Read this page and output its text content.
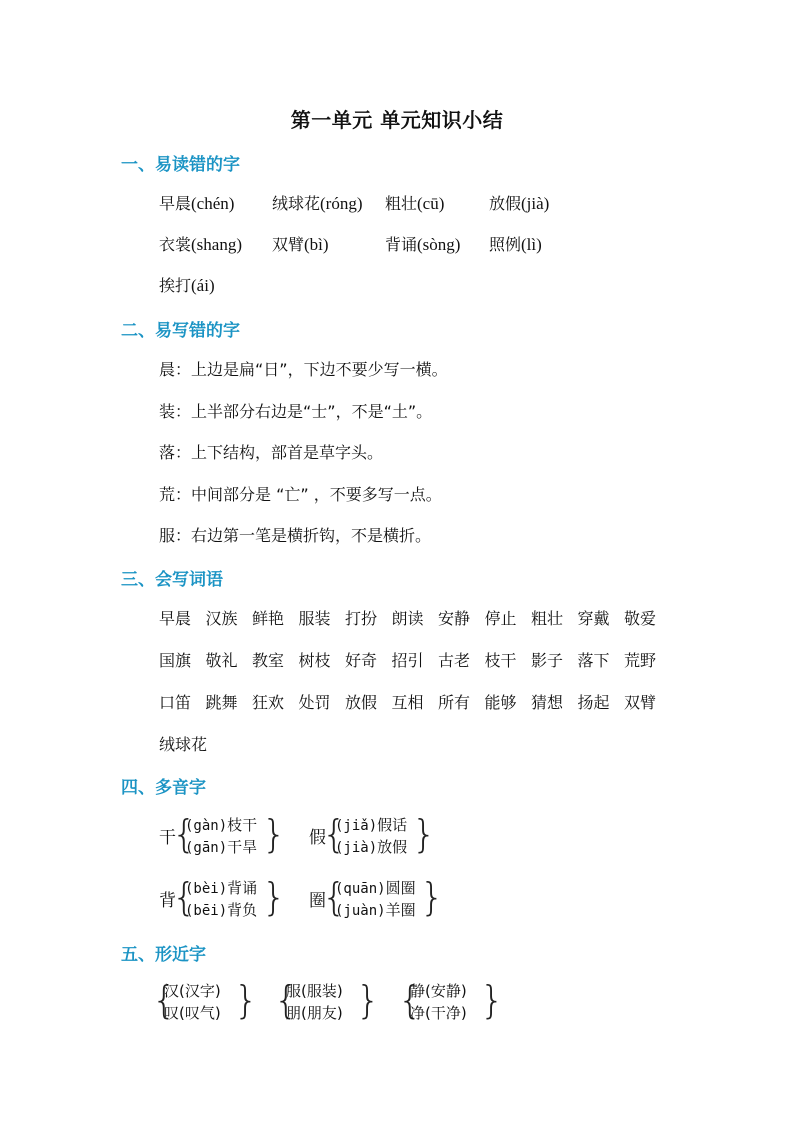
第一单元 单元知识小结
一、易读错的字
早晨(chén) 绒球花(róng) 粗壮(cū)	放假(jià)
衣裳(shang) 双臂(bì)	背诵(sòng) 照例(lì)
挨打(ái)
二、易写错的字
晨：上边是扁“日”，下边不要少写一横。
装：上半部分右边是“士”，不是“土”。
落：上下结构，部首是草字头。
荒：中间部分是 “亡” ，不要多写一点。
服：右边第一笔是横折钩，不是横折。
三、会写词语
早晨 汉族 鲜艳 服装 打扮 朗读 安静 停止 粗壮 穿戴 敬爱
国旗 敬礼 教室 树枝 好奇 招引 古老 枝干 影子 落下 荒野
口笛 跳舞 狂欢 处罚 放假 互相 所有 能够 猜想 扬起 双臂
绒球花
四、多音字
干
{
(gàn)枝干
(gān)干旱 } 假
{
(jiǎ)假话
(jià)放假 }
背
{
(bèi)背诵
(bēi)背负 } 圈
{
(quān)圆圈
(juàn)羊圈 }
五、形近字
{
汉(汉字)
叹(叹气) } {
服(服装)
朋(朋友) } {
静(安静)
净(干净) }
